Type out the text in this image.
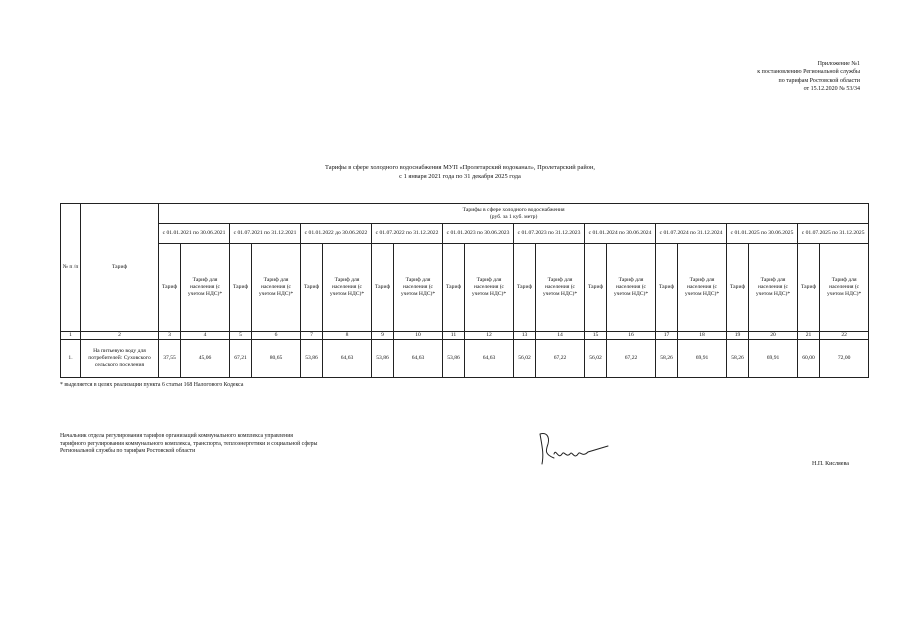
Приложение №1
к постановлению Региональной службы
по тарифам Ростовской области
от 15.12.2020 № 53/34
Тарифы в сфере холодного водоснабжения МУП «Пролетарский водоканал», Пролетарский район,
с 1 января 2021 года по 31 декабря 2025 года
№ п /п	Тариф	Тарифы в сфере холодного водоснабжения
(руб. за 1 куб. метр)																			

		с 01.01.2021 по 30.06.2021		с 01.07.2021 по 31.12.2021		с 01.01.2022 до 30.06.2022		с 01.07.2022 по 31.12.2022		с 01.01.2023 по 30.06.2023		с 01.07.2023 по 31.12.2023		с 01.01.2024 по 30.06.2024		с 01.07.2024 по 31.12.2024		с 01.01.2025 по 30.06.2025		с 01.07.2025 по 31.12.2025	
		Тариф	Тариф для населения (с учетом НДС)*	Тариф	Тариф для населения (с учетом НДС)*	Тариф	Тариф для населения (с учетом НДС)*	Тариф	Тариф для населения (с учетом НДС)*	Тариф	Тариф для населения (с учетом НДС)*	Тариф	Тариф для населения (с учетом НДС)*	Тариф	Тариф для населения (с учетом НДС)*	Тариф	Тариф для населения (с учетом НДС)*	Тариф	Тариф для населения (с учетом НДС)*	Тариф	Тариф для населения (с учетом НДС)*
1	2	3	4	5	6	7	8	9	10	11	12	13	14	15	16	17	18	19	20	21	22
1.	На питьевую воду для потребителей: Суховского сельского поселения	37,55	45,06	67,21	80,65	53,86	64,63	53,86	64,63	53,86	64,63	56,02	67,22	56,02	67,22	58,26	69,91	58,26	69,91	60,00	72,00
* выделяется в целях реализации пункта 6 статьи 168 Налогового Кодекса
Начальник отдела регулирования тарифов организаций коммунального комплекса управления тарифного регулирования коммунального комплекса, транспорта, теплоэнергетики и социальной сферы Региональной службы по тарифам Ростовской области
Н.П. Кисляева
